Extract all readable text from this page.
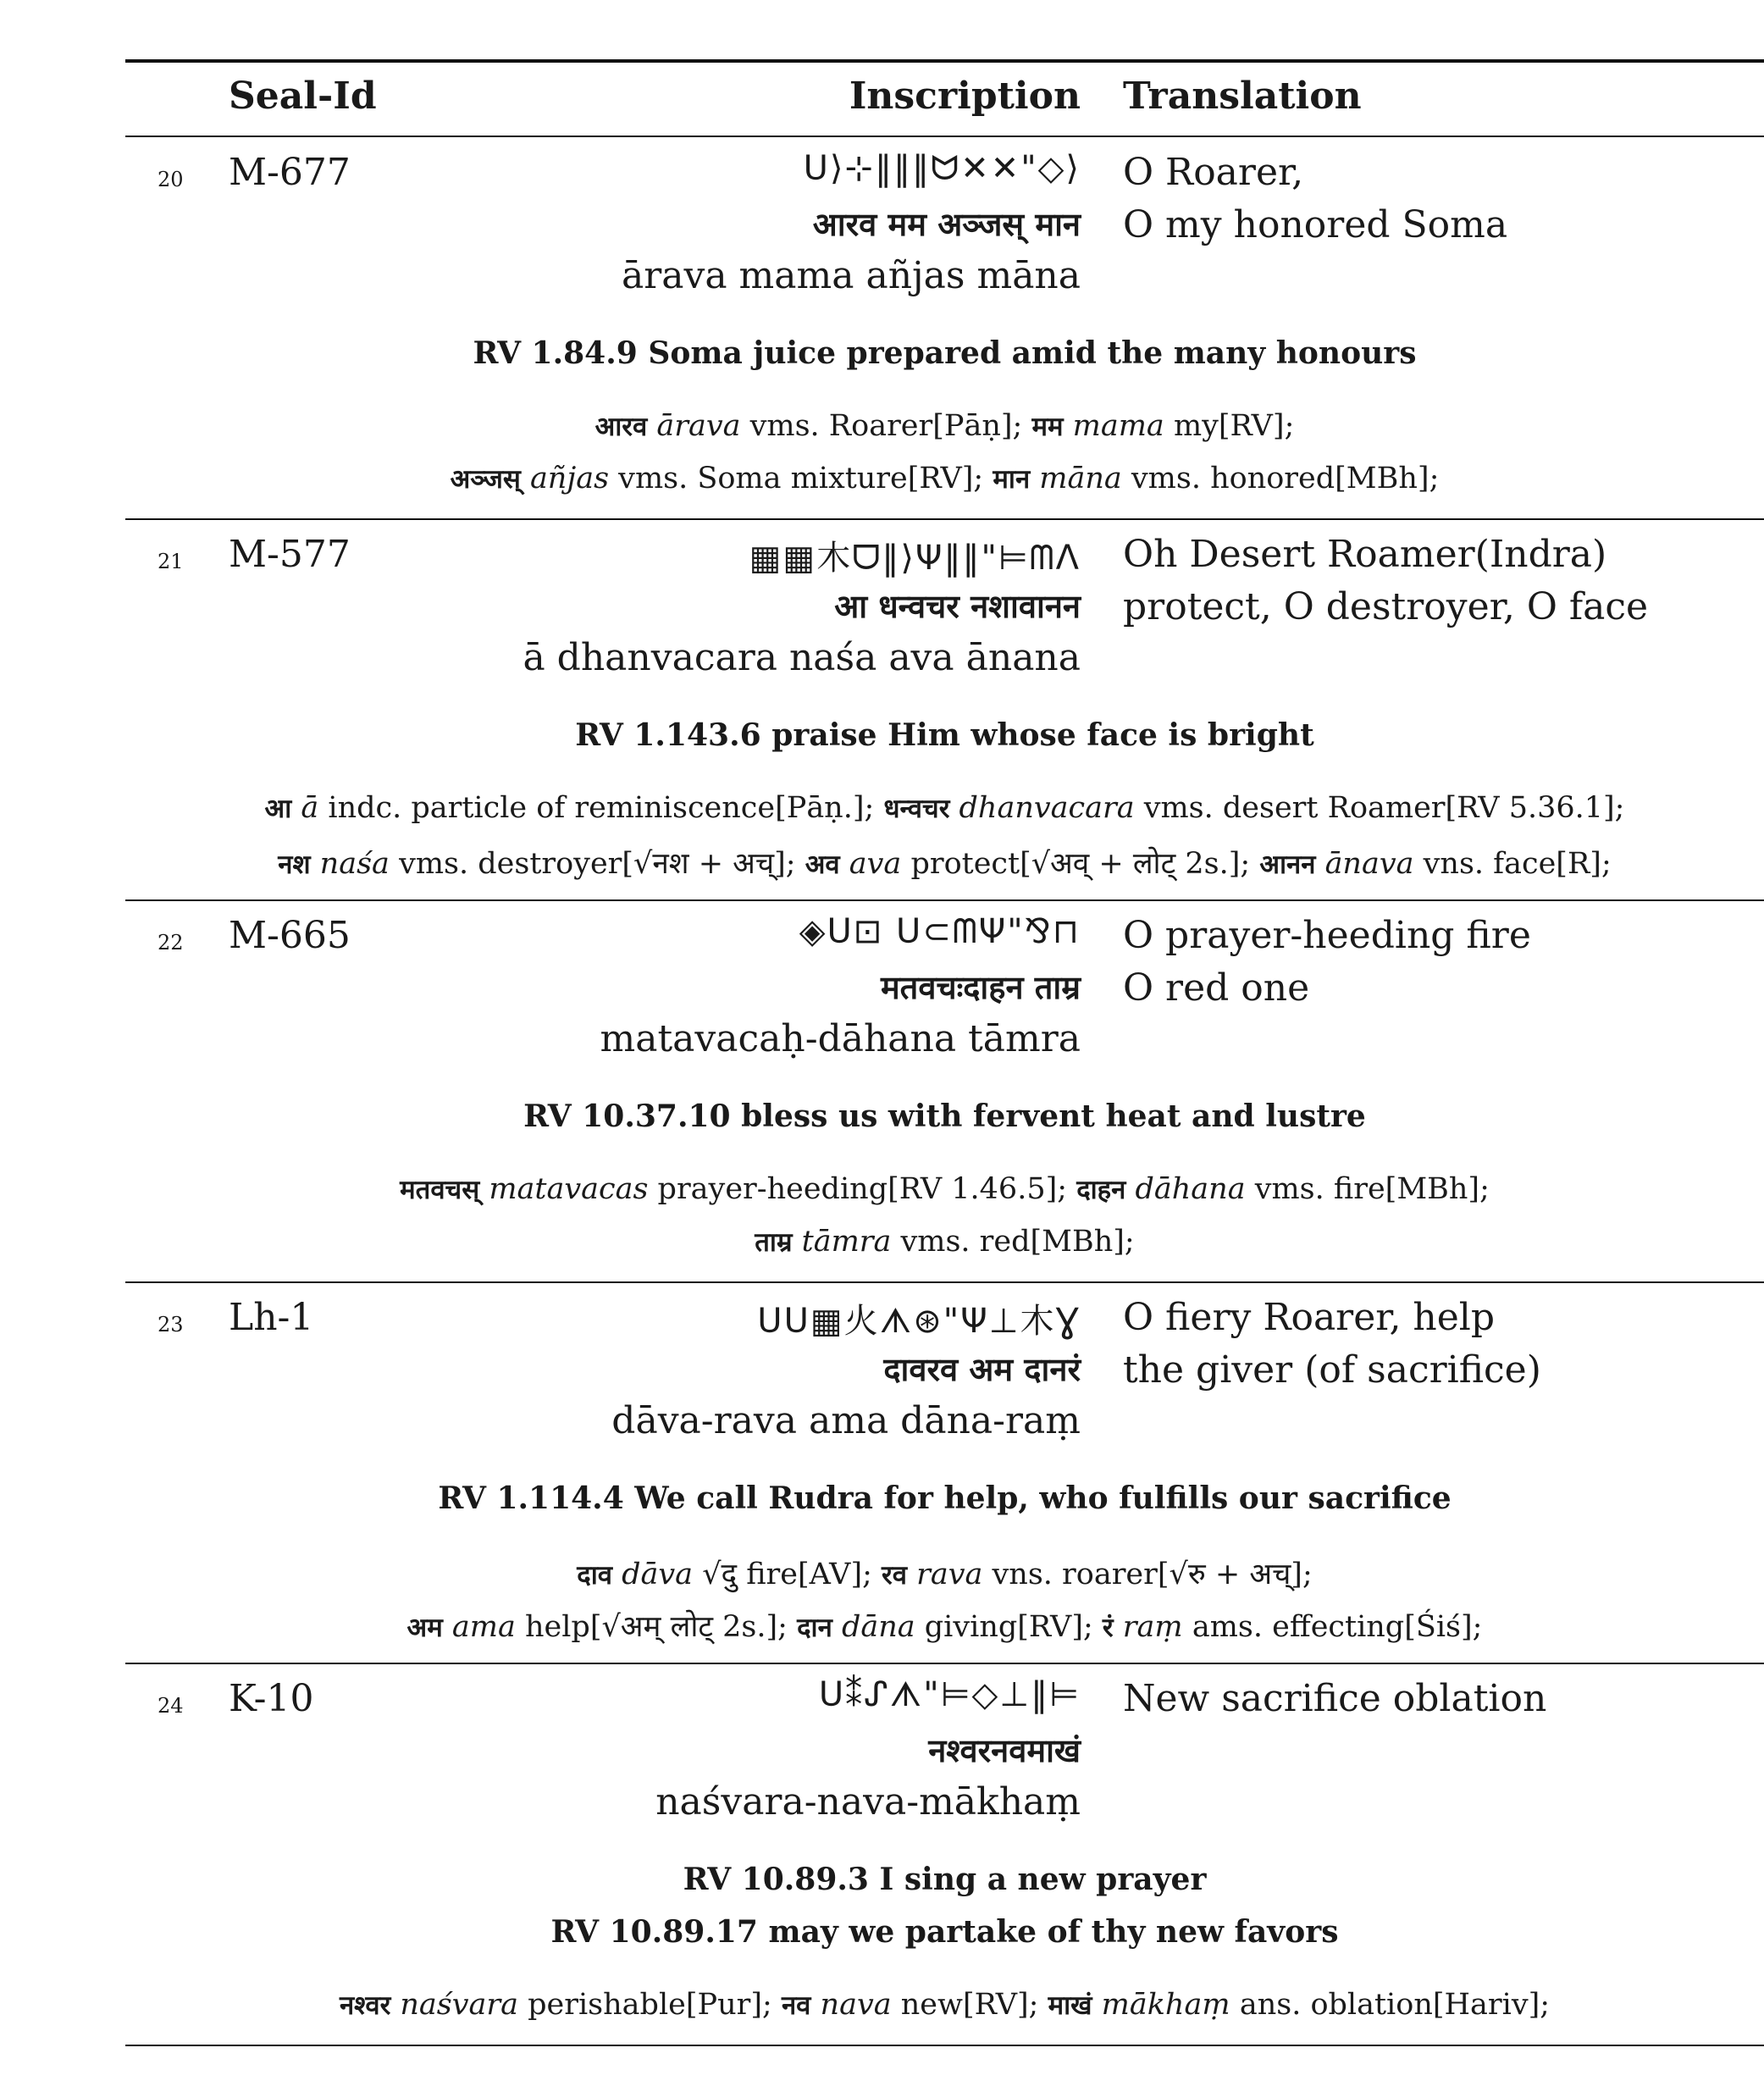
Seal-Id	Inscription Translation
20 M-677	ᑌ⟩⊹‖‖‖ᗢ✕✕"◇⟩
आरव मम अञ्जस् मान
ārava mama añjas māna
O Roarer,
O my honored Soma
RV 1.84.9 Soma juice prepared amid the many honours
आरव ārava vms. Roarer[Pāṇ]; मम mama my[RV];
अञ्जस् añjas vms. Soma mixture[RV]; मान māna vms. honored[MBh];
21 M-577	▦▦⽊ᗜ‖⟩Ψ‖‖"⊨ᗰᐱ
आ धन्वचर नशावानन
ā dhanvacara naśa ava ānana
Oh Desert Roamer(Indra)
protect, O destroyer, O face
RV 1.143.6 praise Him whose face is bright
आ ā indc. particle of reminiscence[Pāṇ.]; धन्वचर dhanvacara vms. desert Roamer[RV 5.36.1];
नश naśa vms. destroyer[√नश + अच्]; अव ava protect[√अव् + लोट् 2s.]; आनन ānava vns. face[R];
22 M-665	◈ᑌ⊡ ᑌ⊂ᗰΨ"⅋⊓
मतवचःदाहन ताम्र
matavacaḥ-dāhana tāmra
O prayer-heeding fire
O red one
RV 10.37.10 bless us with fervent heat and lustre
मतवचस् matavacas prayer-heeding[RV 1.46.5]; दाहन dāhana vms. fire[MBh];
ताम्र tāmra vms. red[MBh];
23 Lh-1	ᑌᑌ▦⽕ᗑ⊛"Ψ⊥⽊Ɣ
दावरव अम दानरं
dāva-rava ama dāna-raṃ
O fiery Roarer, help
the giver (of sacrifice)
RV 1.114.4 We call Rudra for help, who fulfills our sacrifice
दाव dāva √दु fire[AV]; रव rava vns. roarer[√रु + अच्];
अम ama help[√अम् लोट् 2s.]; दान dāna giving[RV]; रं raṃ ams. effecting[Śiś];
24 K-10	ᑌ⁑ᔑᗑ"⊨◇⊥‖⊨
नश्वरनवमाखं
naśvara-nava-mākhaṃ
New sacrifice oblation
RV 10.89.3 I sing a new prayer
RV 10.89.17 may we partake of thy new favors
नश्वर naśvara perishable[Pur]; नव nava new[RV]; माखं mākhaṃ ans. oblation[Hariv];
